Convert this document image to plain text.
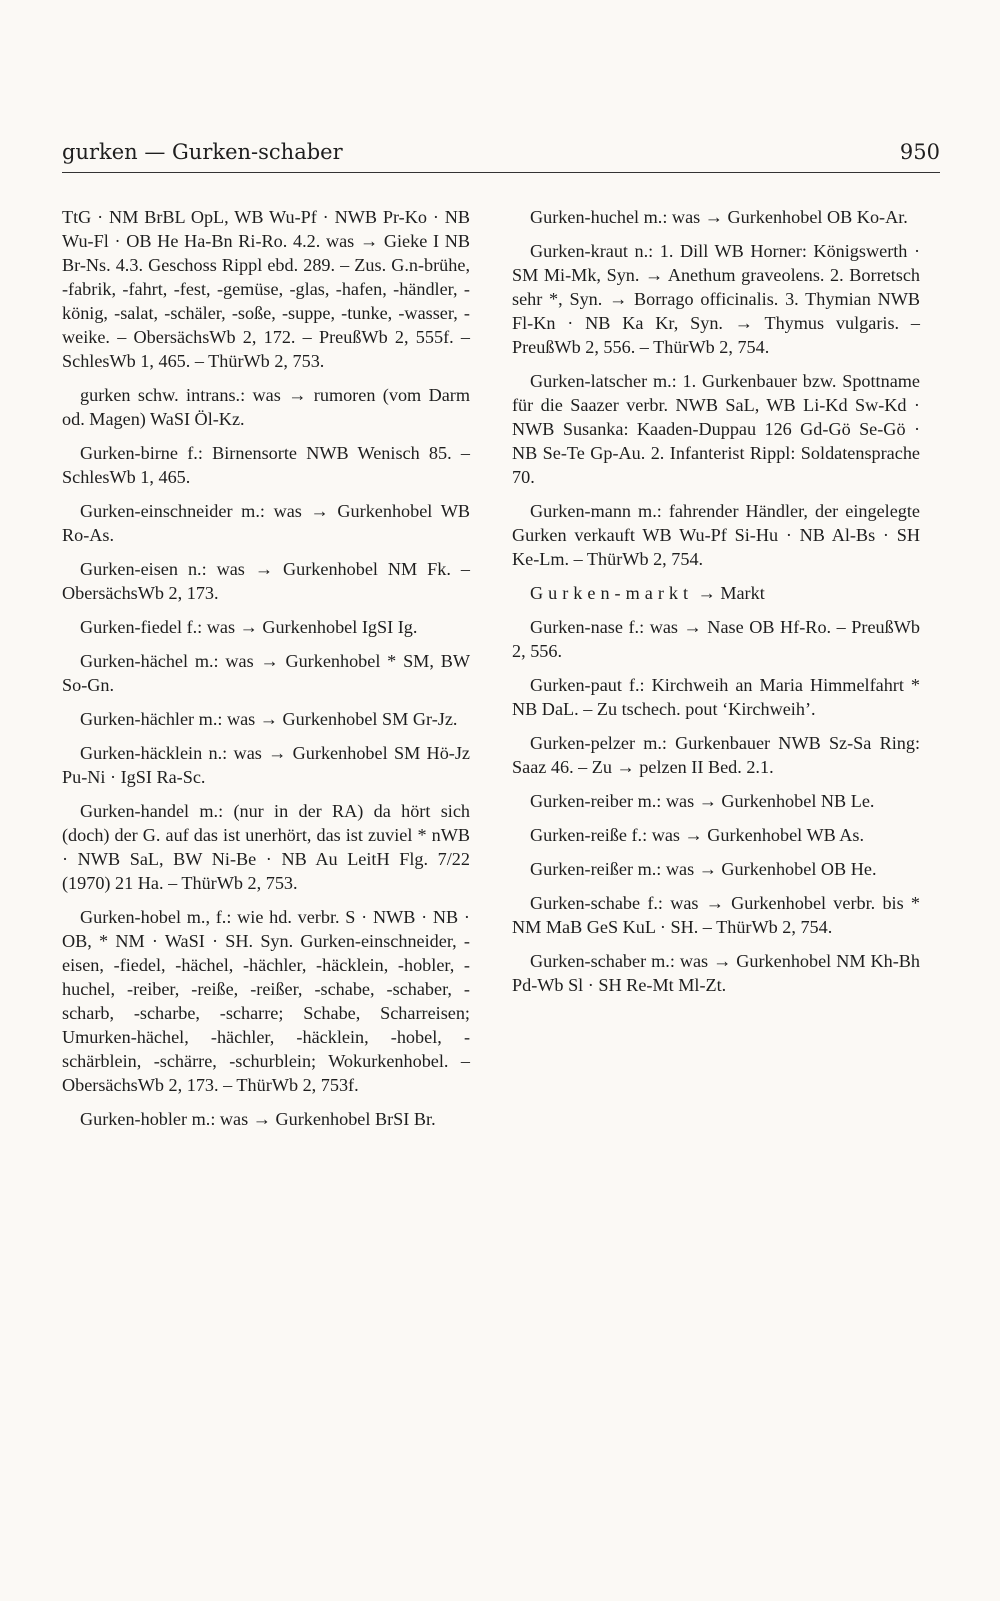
gurken — Gurken-schaber	950

TtG · NM BrBL OpL, WB Wu-Pf · NWB Pr-Ko · NB Wu-Fl · OB He Ha-Bn Ri-Ro. 4.2. was → Gieke I NB Br-Ns. 4.3. Geschoss Rippl ebd. 289. – Zus. G.n-brühe, -fabrik, -fahrt, -fest, -gemüse, -glas, -hafen, -händler, -könig, -salat, -schäler, -soße, -suppe, -tunke, -wasser, -weike. – ObersächsWb 2, 172. – PreußWb 2, 555f. – SchlesWb 1, 465. – ThürWb 2, 753.

gurken schw. intrans.: was → rumoren (vom Darm od. Magen) WaSI Öl-Kz.

Gurken-birne f.: Birnensorte NWB Wenisch 85. – SchlesWb 1, 465.

Gurken-einschneider m.: was → Gurkenhobel WB Ro-As.

Gurken-eisen n.: was → Gurkenhobel NM Fk. – ObersächsWb 2, 173.

Gurken-fiedel f.: was → Gurkenhobel IgSI Ig.

Gurken-hächel m.: was → Gurkenhobel * SM, BW So-Gn.

Gurken-hächler m.: was → Gurkenhobel SM Gr-Jz.

Gurken-häcklein n.: was → Gurkenhobel SM Hö-Jz Pu-Ni · IgSI Ra-Sc.

Gurken-handel m.: (nur in der RA) da hört sich (doch) der G. auf das ist unerhört, das ist zuviel * nWB · NWB SaL, BW Ni-Be · NB Au LeitH Flg. 7/22 (1970) 21 Ha. – ThürWb 2, 753.

Gurken-hobel m., f.: wie hd. verbr. S · NWB · NB · OB, * NM · WaSI · SH. Syn. Gurken-einschneider, -eisen, -fiedel, -hächel, -hächler, -häcklein, -hobler, -huchel, -reiber, -reiße, -reißer, -schabe, -schaber, -scharb, -scharbe, -scharre; Schabe, Scharreisen; Umurken-hächel, -hächler, -häcklein, -hobel, -schärblein, -schärre, -schurblein; Wokurkenhobel. – ObersächsWb 2, 173. – ThürWb 2, 753f.

Gurken-hobler m.: was → Gurkenhobel BrSI Br.

Gurken-huchel m.: was → Gurkenhobel OB Ko-Ar.

Gurken-kraut n.: 1. Dill WB Horner: Königswerth · SM Mi-Mk, Syn. → Anethum graveolens. 2. Borretsch sehr *, Syn. → Borrago officinalis. 3. Thymian NWB Fl-Kn · NB Ka Kr, Syn. → Thymus vulgaris. – PreußWb 2, 556. – ThürWb 2, 754.

Gurken-latscher m.: 1. Gurkenbauer bzw. Spottname für die Saazer verbr. NWB SaL, WB Li-Kd Sw-Kd · NWB Susanka: Kaaden-Duppau 126 Gd-Gö Se-Gö · NB Se-Te Gp-Au. 2. Infanterist Rippl: Soldatensprache 70.

Gurken-mann m.: fahrender Händler, der eingelegte Gurken verkauft WB Wu-Pf Si-Hu · NB Al-Bs · SH Ke-Lm. – ThürWb 2, 754.

Gurken-markt → Markt

Gurken-nase f.: was → Nase OB Hf-Ro. – PreußWb 2, 556.

Gurken-paut f.: Kirchweih an Maria Himmelfahrt * NB DaL. – Zu tschech. pout ‘Kirchweih’.

Gurken-pelzer m.: Gurkenbauer NWB Sz-Sa Ring: Saaz 46. – Zu → pelzen II Bed. 2.1.

Gurken-reiber m.: was → Gurkenhobel NB Le.

Gurken-reiße f.: was → Gurkenhobel WB As.

Gurken-reißer m.: was → Gurkenhobel OB He.

Gurken-schabe f.: was → Gurkenhobel verbr. bis * NM MaB GeS KuL · SH. – ThürWb 2, 754.

Gurken-schaber m.: was → Gurkenhobel NM Kh-Bh Pd-Wb Sl · SH Re-Mt Ml-Zt.
